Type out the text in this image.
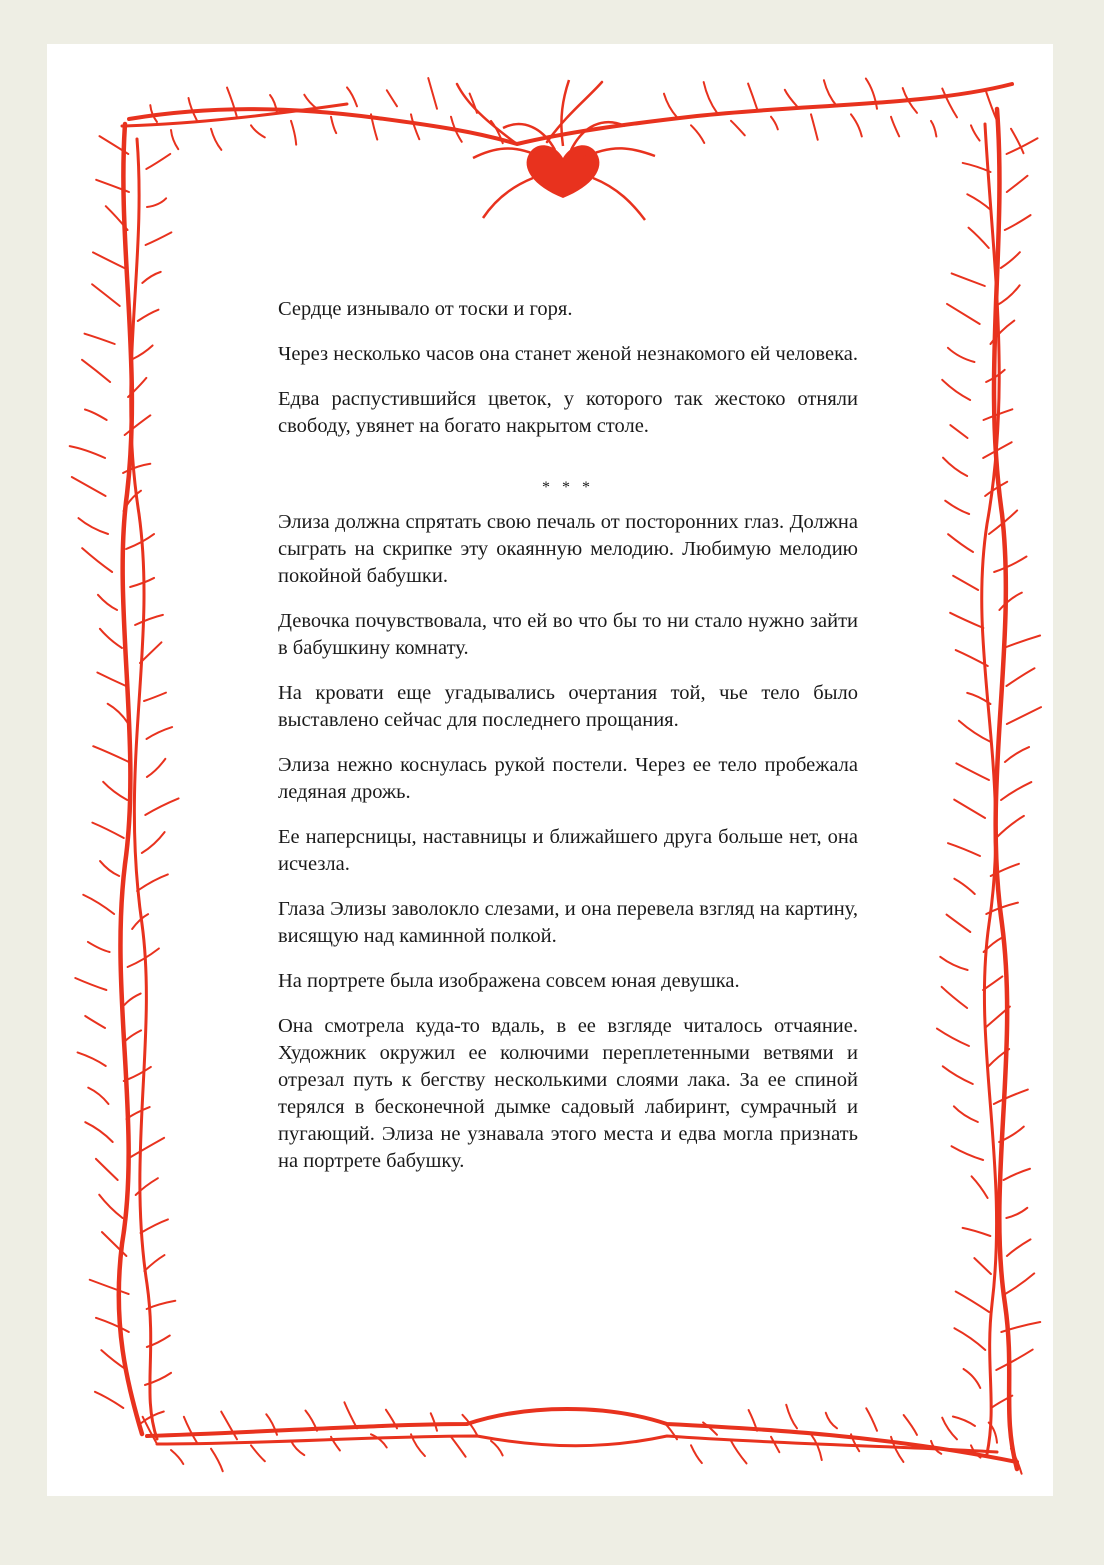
Сердце изнывало от тоски и горя.

Через несколько часов она станет женой незнакомого ей человека.

Едва распустившийся цветок, у которого так жестоко отняли свободу, увянет на богато накрытом столе.

* * *

Элиза должна спрятать свою печаль от посторонних глаз. Должна сыграть на скрипке эту окаянную мелодию. Любимую мелодию покойной бабушки.

Девочка почувствовала, что ей во что бы то ни стало нужно зайти в бабушкину комнату.

На кровати еще угадывались очертания той, чье тело было выставлено сейчас для последнего прощания.

Элиза нежно коснулась рукой постели. Через ее тело пробежала ледяная дрожь.

Ее наперсницы, наставницы и ближайшего друга больше нет, она исчезла.

Глаза Элизы заволокло слезами, и она перевела взгляд на картину, висящую над каминной полкой.

На портрете была изображена совсем юная девушка.

Она смотрела куда-то вдаль, в ее взгляде читалось отчаяние. Художник окружил ее колючими переплетенными ветвями и отрезал путь к бегству несколькими слоями лака. За ее спиной терялся в бесконечной дымке садовый лабиринт, сумрачный и пугающий. Элиза не узнавала этого места и едва могла признать на портрете бабушку.
